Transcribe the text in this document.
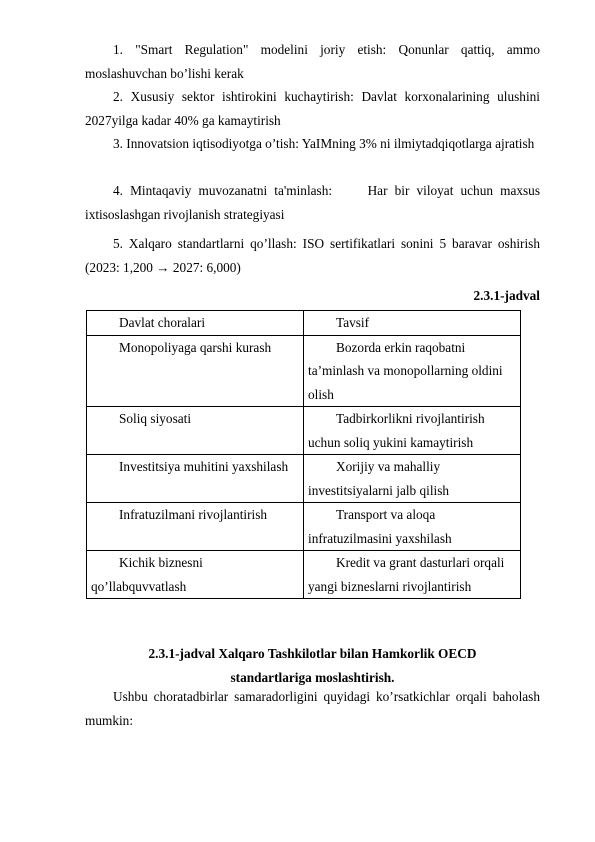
1. "Smart Regulation" modelini joriy etish: Qonunlar qattiq, ammo moslashuvchan bo’lishi kerak

2. Xususiy sektor ishtirokini kuchaytirish: Davlat korxonalarining ulushini 2027yilga kadar 40% ga kamaytirish

3. Innovatsion iqtisodiyotga o’tish: YaIMning 3% ni ilmiytadqiqotlarga ajratish

4. Mintaqaviy muvozanatni ta'minlash:     Har bir viloyat uchun maxsus ixtisoslashgan rivojlanish strategiyasi

5. Xalqaro standartlarni qo’llash: ISO sertifikatlari sonini 5 baravar oshirish (2023: 1,200 → 2027: 6,000)

2.3.1-jadval
Davlat choralari	Tavsif

Monopoliyaga qarshi kurash	Bozorda erkin raqobatni ta’minlash va monopollarning oldini olish

Soliq siyosati	Tadbirkorlikni rivojlantirish uchun soliq yukini kamaytirish

Investitsiya muhitini yaxshilash	Xorijiy va mahalliy investitsiyalarni jalb qilish

Infratuzilmani rivojlantirish	Transport va aloqa infratuzilmasini yaxshilash

Kichik biznesni qo’llabquvvatlash	Kredit va grant dasturlari orqali yangi bizneslarni rivojlantirish
2.3.1-jadval Xalqaro Tashkilotlar bilan Hamkorlik OECD
standartlariga moslashtirish.

Ushbu choratadbirlar samaradorligini quyidagi ko’rsatkichlar orqali baholash mumkin:
